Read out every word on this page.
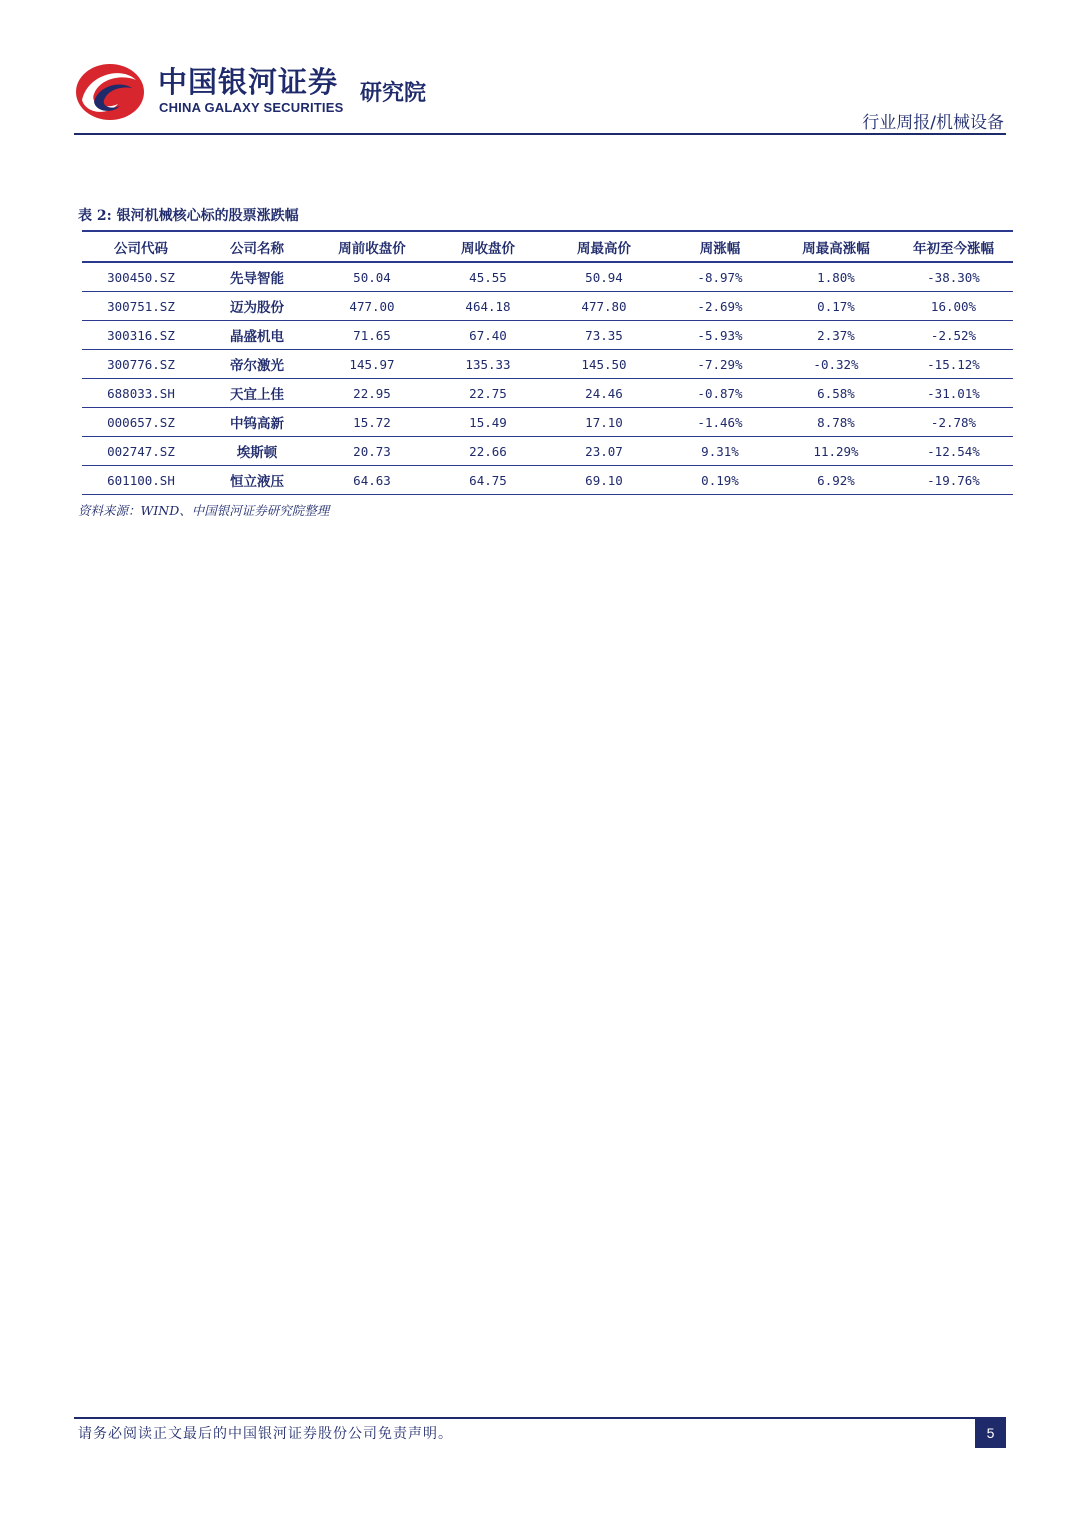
中国银河证券
CHINA GALAXY SECURITIES
研究院
行业周报/机械设备
表 2: 银河机械核心标的股票涨跌幅
公司代码	公司名称	周前收盘价	周收盘价	周最高价	周涨幅	周最高涨幅	年初至今涨幅
300450.SZ	先导智能	50.04	45.55	50.94	-8.97%	1.80%	-38.30%
300751.SZ	迈为股份	477.00	464.18	477.80	-2.69%	0.17%	16.00%
300316.SZ	晶盛机电	71.65	67.40	73.35	-5.93%	2.37%	-2.52%
300776.SZ	帝尔激光	145.97	135.33	145.50	-7.29%	-0.32%	-15.12%
688033.SH	天宜上佳	22.95	22.75	24.46	-0.87%	6.58%	-31.01%
000657.SZ	中钨高新	15.72	15.49	17.10	-1.46%	8.78%	-2.78%
002747.SZ	埃斯顿	20.73	22.66	23.07	9.31%	11.29%	-12.54%
601100.SH	恒立液压	64.63	64.75	69.10	0.19%	6.92%	-19.76%
资料来源：WIND、中国银河证券研究院整理
请务必阅读正文最后的中国银河证券股份公司免责声明。	5
